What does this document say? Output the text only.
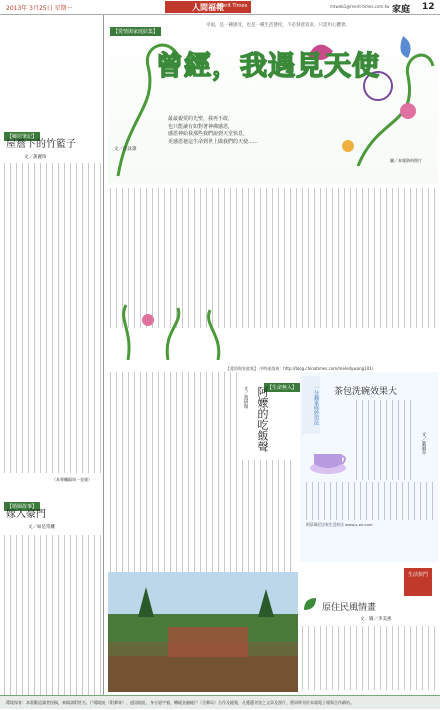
2013年 3月25日 星期一	人間福報
Merit Times	mtweb1@merit-times.com.tw 家庭 12
【鄉居筆記】
屋簷下的竹籃子
文／黃麗珍
（本專欄隔周一見報）
【婚姻故事】
嫁入豪門
文／如是常離
【愛情與家庭結集】
幸福，是一種感受，也是一種生活態度，不必刻意追求，只需用心體會。
曾經，我遇見天使
文／汪詠黛
最最親愛的先聖，我再不敢，
也只能讓有如對著神佛感恩，
感恩神給我那些我們說到天堂快息，
更感恩祂這生命到世上做我們的天使……
圖／本報資料照片
【愛情與家庭集】 中時部落格：http://blog.chinatimes.com/melodywang101/
【生命無入】
阿嬤的吃飯聲
文／蒸研瑞	一分鐘家庭妙用法 茶包洗碗效果大
文／葉淑芬
阿蒂瑪尼居家生活妙法 www.s-ex.com
生活快門
原住民風情畫
文．圖／李美惠
環境保育：本版歡迎讀者投稿，來稿請附姓名、戶籍地址（附郵寄）、通訊地址、身分證字號、轉帳金融帳戶（含郵局）合作及帳號，凡獲選刊登之文章及照片，將同時刊於本報電子報與合作網站。
